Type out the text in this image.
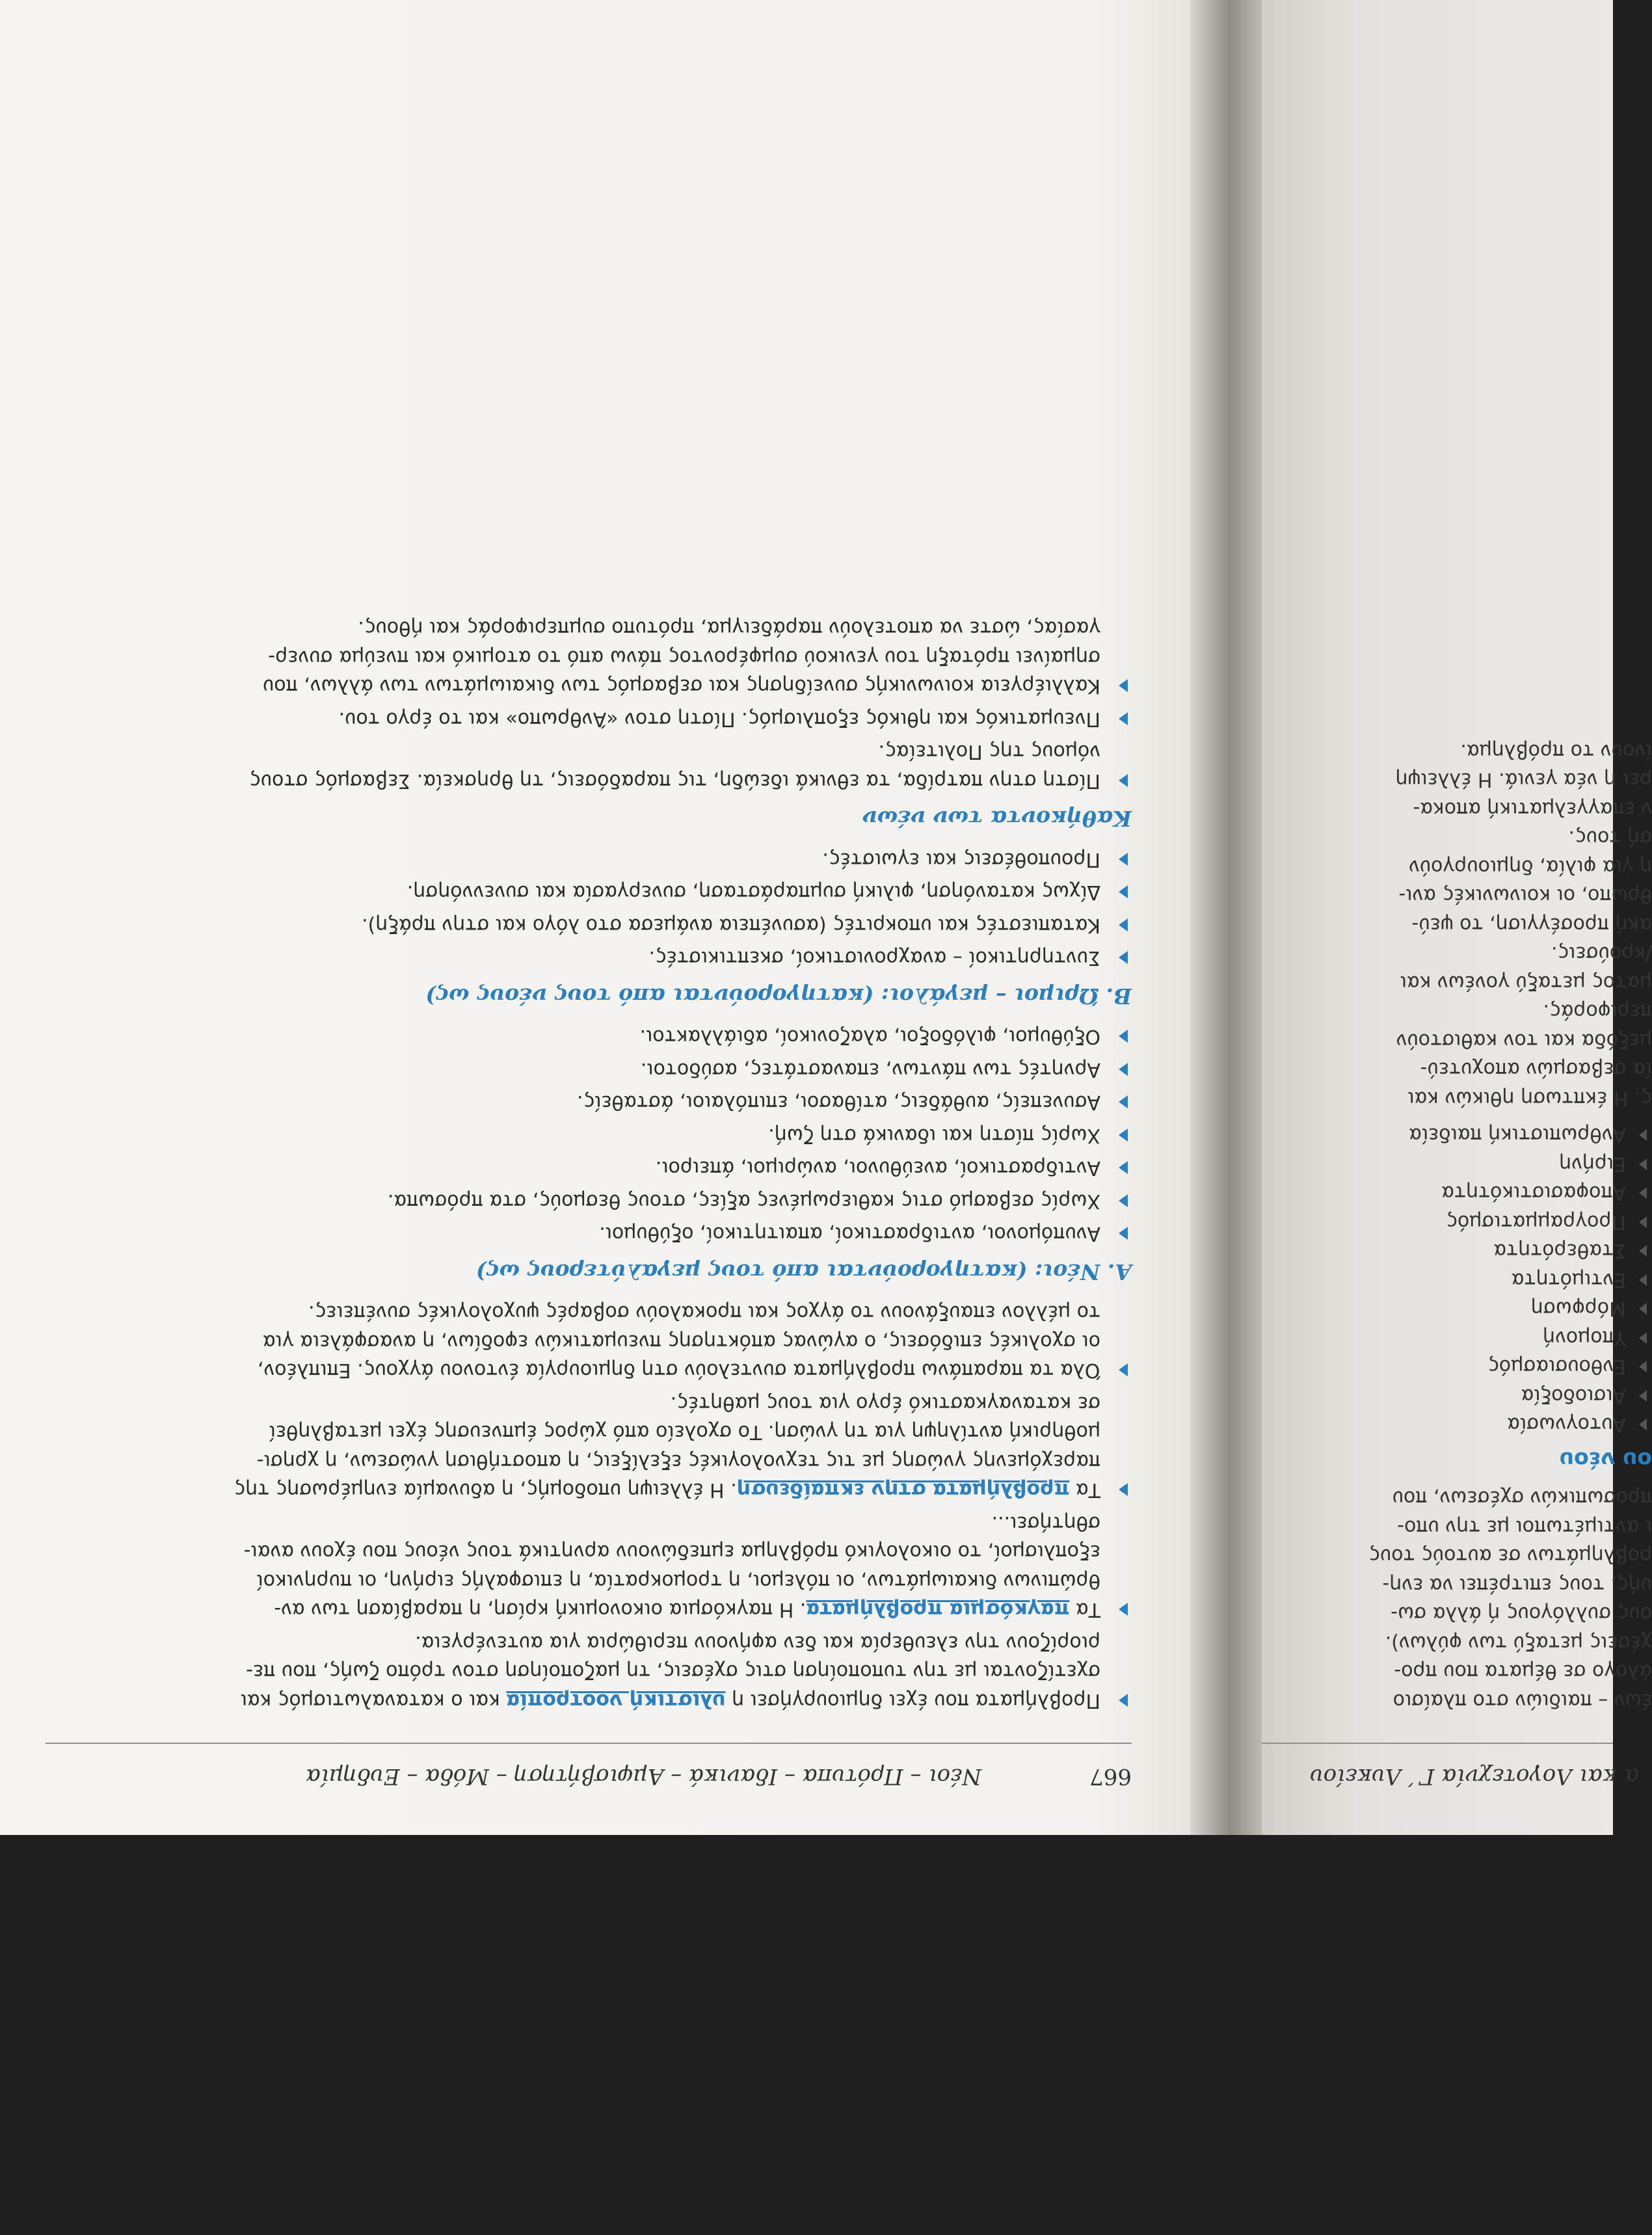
α και Λογοτεχνία Γ΄ Λυκείου
έων – παιδιών στο πλαίσιο
άλογο σε θέματα που προ-
χέσεις μεταξύ των φύλων).
ους συλλόγους ή άλλα σω-
υής, τους επιτρέπει να ενη-
ροβλημάτων σε αυτούς τους
ι αντιμέτωποι με την υπο-
προσωπικών σχέσεων, που
ου νέου
Αυτογνωσία
Αισιοδοξία
Ενθουσιασμός
Υπομονή
Μόρφωση
Εντιμότητα
Σταθερότητα
Προγραμματισμός
Αποφασιστικότητα
Ειρήνη
Ανθρωπιστική παιδεία
ς. Η έκπτωση ηθικών και
ία σεβασμών αποχυτεύ-
μεξόδα και τον καθιστούν
περιφοράς.
ματος μεταξύ γονέων και
/κρούσεις.
ακή προσέγγιση, το ψεύ-
θρωπο, οι κοινωνικές ανι-
η για φιλία, δημιουργούν
σή τους.
ν επαγγελματική αποκα-
ρει η νέα γενιά. Η έλλειψη
ίνουν το πρόβλημα.
Νέοι – Πρότυπα – Ιδανικά – Αμφισβήτηση – Μόδα – Ευδημία	667
Προβλήματα που έχει δημιουργήσει η υλιστική νοοτροπία και ο καταναλωτισμός και
σχετίζονται με την τυποποίηση στις σχέσεις, τη μαζοποίηση στον τρόπο ζωής, που πε-
ριορίζουν την ελευθερία και δεν αφήνουν περιθώρια για αυτενέργεια.
Τα παγκόσμια προβλήματα. Η παγκόσμια οικονομική κρίση, η παραβίαση των αν-
θρώπινων δικαιωμάτων, οι πόλεμοι, η τρομοκρατία, η επισφαλής ειρήνη, οι πυρηνικοί
εξοπλισμοί, το οικολογικό πρόβλημα εμπεδώνουν αρνητικά τους νέους που έχουν αναι-
σθητήσει...
Τα προβλήματα στην εκπαίδευση. Η έλλειψη υποδομής, η αδυναμία ενημέρωσης της
παρεχόμενης γνώσης με τις τεχνολογικές εξελίξεις, η αποστήθιση γνώσεων, η χρησι-
μοθηρική αντίληψη για τη γνώση. Το σχολείο από χώρος έμπνευσης έχει μεταβληθεί
σε καταναγκαστικό έργο για τους μαθητές.
Όλα τα παραπάνω προβλήματα συντελούν στη δημιουργία έντονου άγχους. Επιπλέον,
οι σχολικές επιδόσεις, ο αγώνας απόκτησης πνευματικών εφοδίων, η ανασφάλεια για
το μέλλον επαυξάνουν το άγχος και προκαλούν σοβαρές ψυχολογικές συνέπειες.
Α. Νέοι: (κατηγορούνται από τους μεγαλύτερους ως)
Ανυπόμονοι, αντιδραστικοί, απαιτητικοί, οξύθυμοι.
Χωρίς σεβασμό στις καθιερωμένες αξίες, στους θεσμούς, στα πρόσωπα.
Αντιδραστικοί, ανεύθυνοι, ανώριμοι, άπειροι.
Χωρίς πίστη και ιδανικά στη ζωή.
Ασυνεπείς, αυθάδεις, ατίθασοι, επιπόλαιοι, άσταθείς.
Αρνητές των πάντων, επαναστάτες, ασύδοτοι.
Οξύθυμοι, φιλόδοξοι, αλαζονικοί, αδιάλλακτοι.
Β. Ώριμοι – μεγάλοι: (κατηγορούνται από τους νέους ως)
Συντηρητικοί – αναχρονιστικοί, σκεπτικιστές.
Καταπιεστές και υποκριτές (ασυνέπεια ανάμεσα στο λόγο και στην πράξη).
Δίχως κατανόηση, φιλική συμπαράσταση, συνεργασία και συνεννόηση.
Προυποθέσεις και εγωιστές.
Καθήκοντα των νέων
Πίστη στην πατρίδα, τα εθνικά ιδεώδη, τις παραδόσεις, τη θρησκεία. Σεβασμός στους
νόμους της Πολιτείας.
Πνευματικός και ηθικός εξοπλισμός. Πίστη στον «Άνθρωπο» και το έργο του.
Καλλιέργεια κοινωνικής συνείδησης και σεβασμός των δικαιωμάτων των άλλων, που
σημαίνει πρόταξη του γενικού συμφέροντος πάνω από το ατομικό και πνεύμα συνερ-
γασίας, ώστε να αποτελούν παράδειγμα, πρότυπο συμπεριφοράς και ήθους.
